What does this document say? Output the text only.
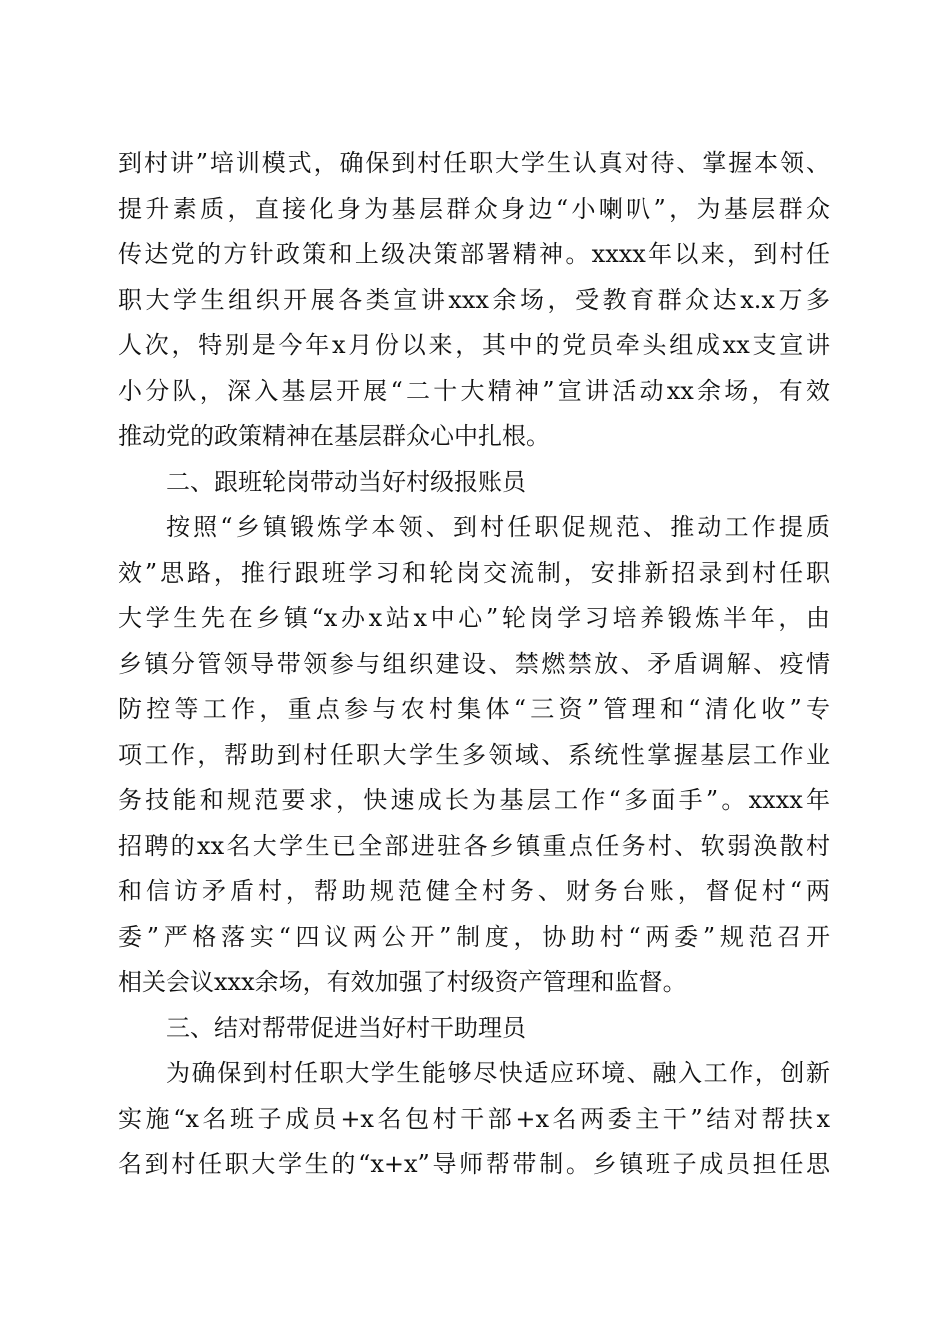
到村讲”培训模式，确保到村任职大学生认真对待、掌握本领、
提升素质，直接化身为基层群众身边“小喇叭”，为基层群众
传达党的方针政策和上级决策部署精神。xxxx年以来，到村任
职大学生组织开展各类宣讲xxx余场，受教育群众达x.x万多
人次，特别是今年x月份以来，其中的党员牵头组成xx支宣讲
小分队，深入基层开展“二十大精神”宣讲活动xx余场，有效
推动党的政策精神在基层群众心中扎根。
二、跟班轮岗带动当好村级报账员
按照“乡镇锻炼学本领、到村任职促规范、推动工作提质
效”思路，推行跟班学习和轮岗交流制，安排新招录到村任职
大学生先在乡镇“x办x站x中心”轮岗学习培养锻炼半年，由
乡镇分管领导带领参与组织建设、禁燃禁放、矛盾调解、疫情
防控等工作，重点参与农村集体“三资”管理和“清化收”专
项工作，帮助到村任职大学生多领域、系统性掌握基层工作业
务技能和规范要求，快速成长为基层工作“多面手”。xxxx年
招聘的xx名大学生已全部进驻各乡镇重点任务村、软弱涣散村
和信访矛盾村，帮助规范健全村务、财务台账，督促村“两
委”严格落实“四议两公开”制度，协助村“两委”规范召开
相关会议xxx余场，有效加强了村级资产管理和监督。
三、结对帮带促进当好村干助理员
为确保到村任职大学生能够尽快适应环境、融入工作，创新
实施“x名班子成员+x名包村干部+x名两委主干”结对帮扶x
名到村任职大学生的“x+x”导师帮带制。乡镇班子成员担任思
